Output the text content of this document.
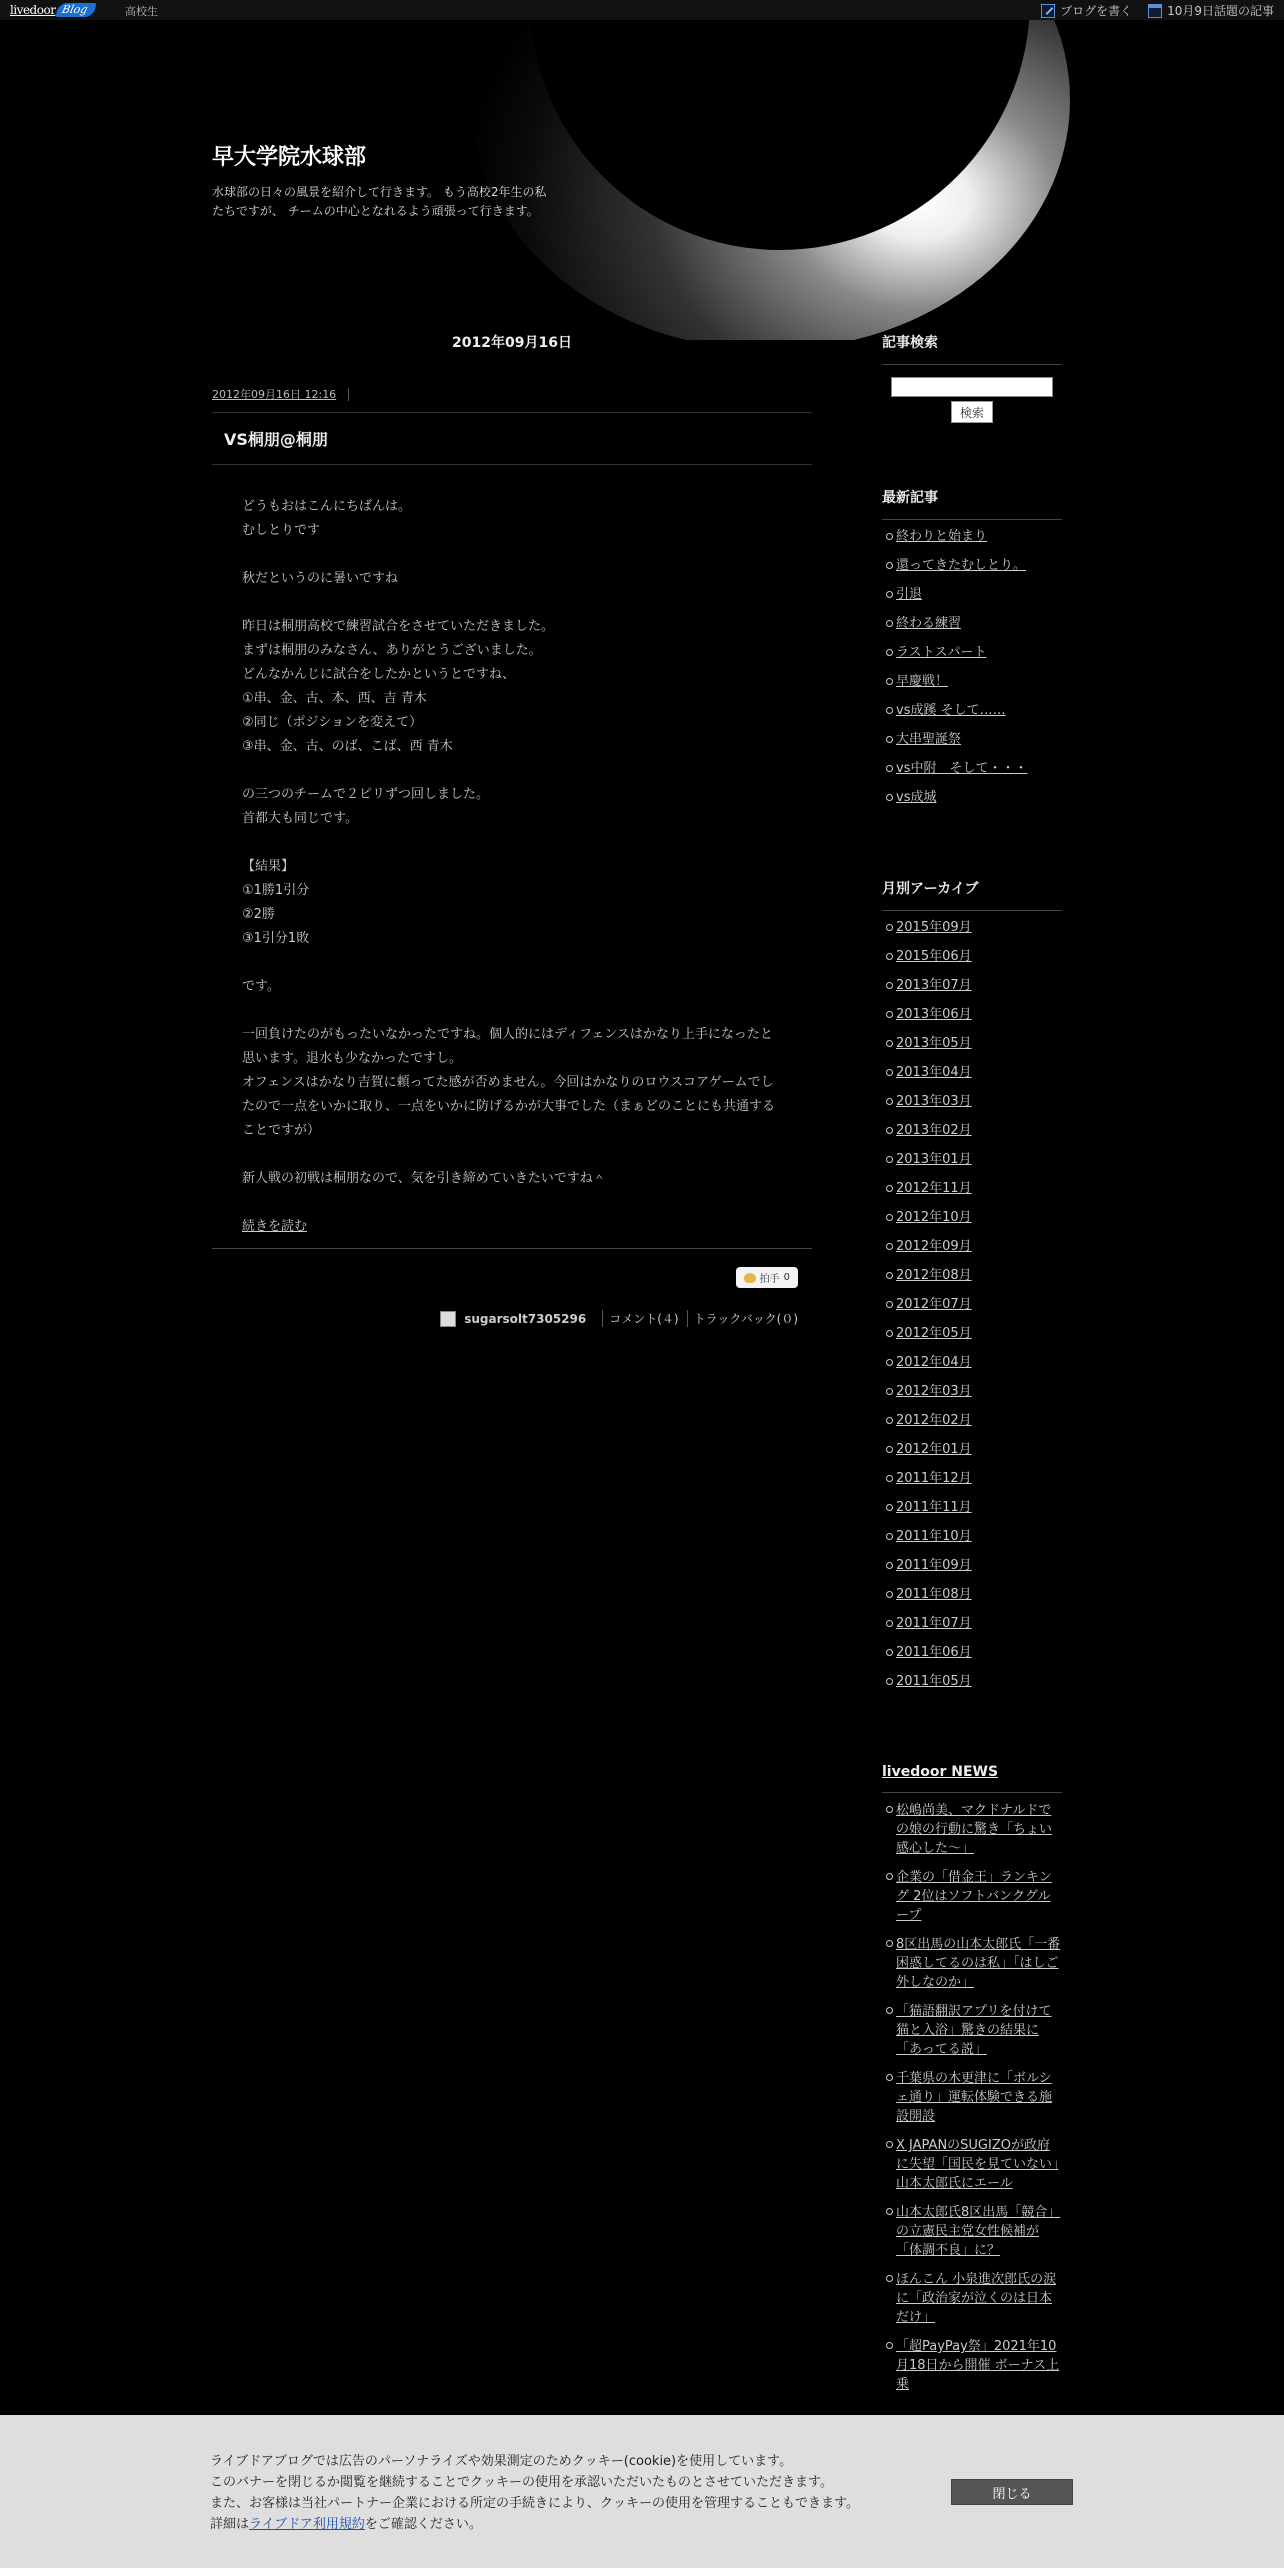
livedoor Blog	高校生	ブログを書く	10月9日話題の記事
早大学院水球部
水球部の日々の風景を紹介して行きます。 もう高校2年生の私たちですが、 チームの中心となれるよう頑張って行きます。
2012年09月16日
2012年09月16日 12:16
VS桐朋@桐朋

どうもおはこんにちばんは。

むしとりです

秋だというのに暑いですね

昨日は桐朋高校で練習試合をさせていただきました。

まずは桐朋のみなさん、ありがとうございました。

どんなかんじに試合をしたかというとですね、

①串、金、古、本、西、吉 青木

②同じ（ポジションを変えて）

③串、金、古、のば、こば、西 青木

の三つのチームで２ピリずつ回しました。

首都大も同じです。

【結果】

①1勝1引分

②2勝

③1引分1敗

です。

一回負けたのがもったいなかったですね。個人的にはディフェンスはかなり上手になったと思います。退水も少なかったですし。

オフェンスはかなり吉賀に頼ってた感が否めません。今回はかなりのロウスコアゲームでしたので一点をいかに取り、一点をいかに防げるかが大事でした（まぁどのことにも共通することですが）

新人戦の初戦は桐朋なので、気を引き締めていきたいですね＾

続きを読む
拍手 0
sugarsolt7305296	コメント(４)	トラックバック(０)
記事検索

検索
最新記事
終わりと始まり
還ってきたむしとり。
引退
終わる練習
ラストスパート
早慶戦！
vs成蹊 そして……
大串聖誕祭
vs中附　そして・・・
vs成城
月別アーカイブ
2015年09月
2015年06月
2013年07月
2013年06月
2013年05月
2013年04月
2013年03月
2013年02月
2013年01月
2012年11月
2012年10月
2012年09月
2012年08月
2012年07月
2012年05月
2012年04月
2012年03月
2012年02月
2012年01月
2011年12月
2011年11月
2011年10月
2011年09月
2011年08月
2011年07月
2011年06月
2011年05月
livedoor NEWS
松嶋尚美、マクドナルドでの娘の行動に驚き「ちょい感心した〜」
企業の「借金王」ランキング 2位はソフトバンクグループ
8区出馬の山本太郎氏「一番困惑してるのは私」「はしご外しなのか」
「猫語翻訳アプリを付けて猫と入浴」驚きの結果に「あってる説」
千葉県の木更津に「ボルシェ通り」運転体験できる施設開設
X JAPANのSUGIZOが政府に失望「国民を見ていない」山本太郎氏にエール
山本太郎氏8区出馬「競合」の立憲民主党女性候補が「体調不良」に？
ほんこん 小泉進次郎氏の涙に「政治家が泣くのは日本だけ」
「超PayPay祭」2021年10月18日から開催 ボーナス上乗
ライブドアブログでは広告のパーソナライズや効果測定のためクッキー(cookie)を使用しています。
このバナーを閉じるか閲覧を継続することでクッキーの使用を承認いただいたものとさせていただきます。
また、お客様は当社パートナー企業における所定の手続きにより、クッキーの使用を管理することもできます。
詳細はライブドア利用規約をご確認ください。
閉じる
